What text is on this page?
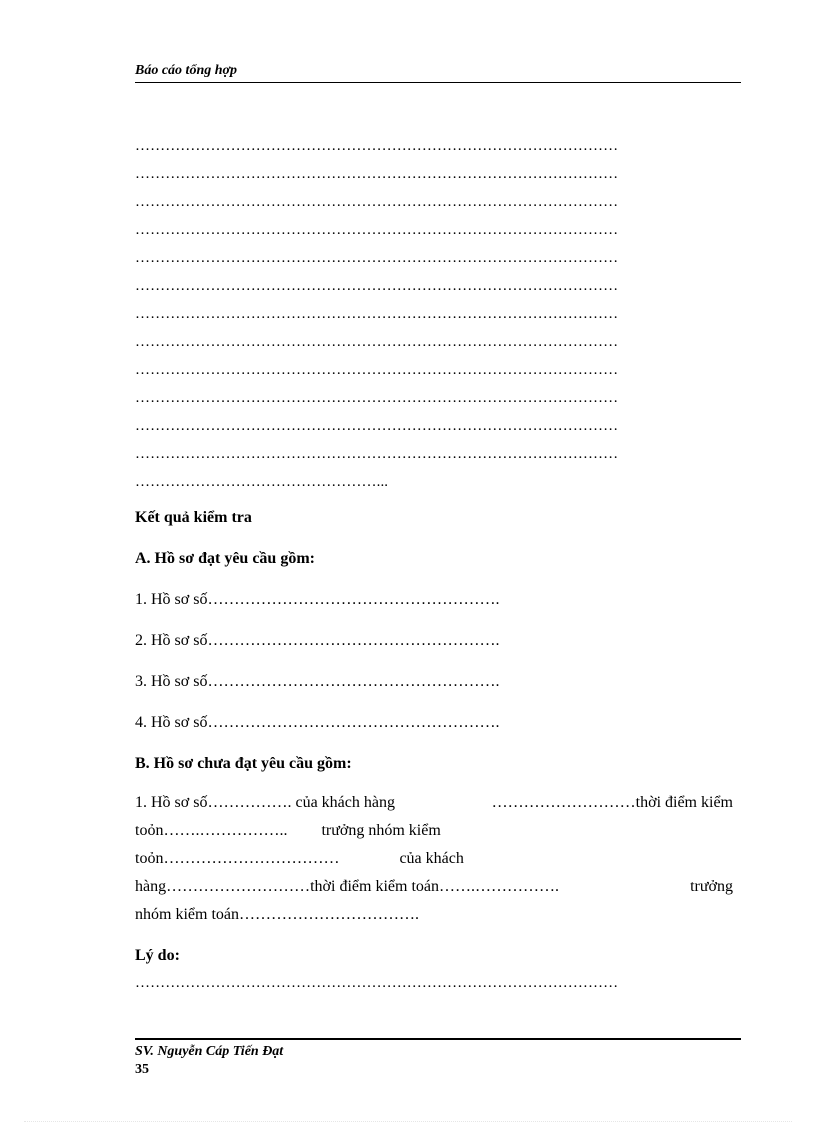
Báo cáo tổng hợp
……………………………………………………………………………………
……………………………………………………………………………………
……………………………………………………………………………………
……………………………………………………………………………………
……………………………………………………………………………………
……………………………………………………………………………………
……………………………………………………………………………………
……………………………………………………………………………………
……………………………………………………………………………………
……………………………………………………………………………………
……………………………………………………………………………………
……………………………………………………………………………………
…………………………………………...
Kết quả kiểm tra
A. Hồ sơ đạt yêu cầu gồm:
1. Hồ sơ số……………………………………………….
2. Hồ sơ số……………………………………………….
3. Hồ sơ số……………………………………………….
4. Hồ sơ số……………………………………………….
B. Hồ sơ chưa đạt yêu cầu gồm:
1. Hồ sơ số……………. của khách hàng	………………………thời điểm kiểm
toỏn…….…………….. trưởng nhóm kiểm
toỏn……………………………	của khách
hàng………………………thời điểm kiểm toán…….…………….	trưởng
nhóm kiểm toán…………………………….
Lý do:
……………………………………………………………………………………
SV. Nguyễn Cáp Tiến Đạt
35
